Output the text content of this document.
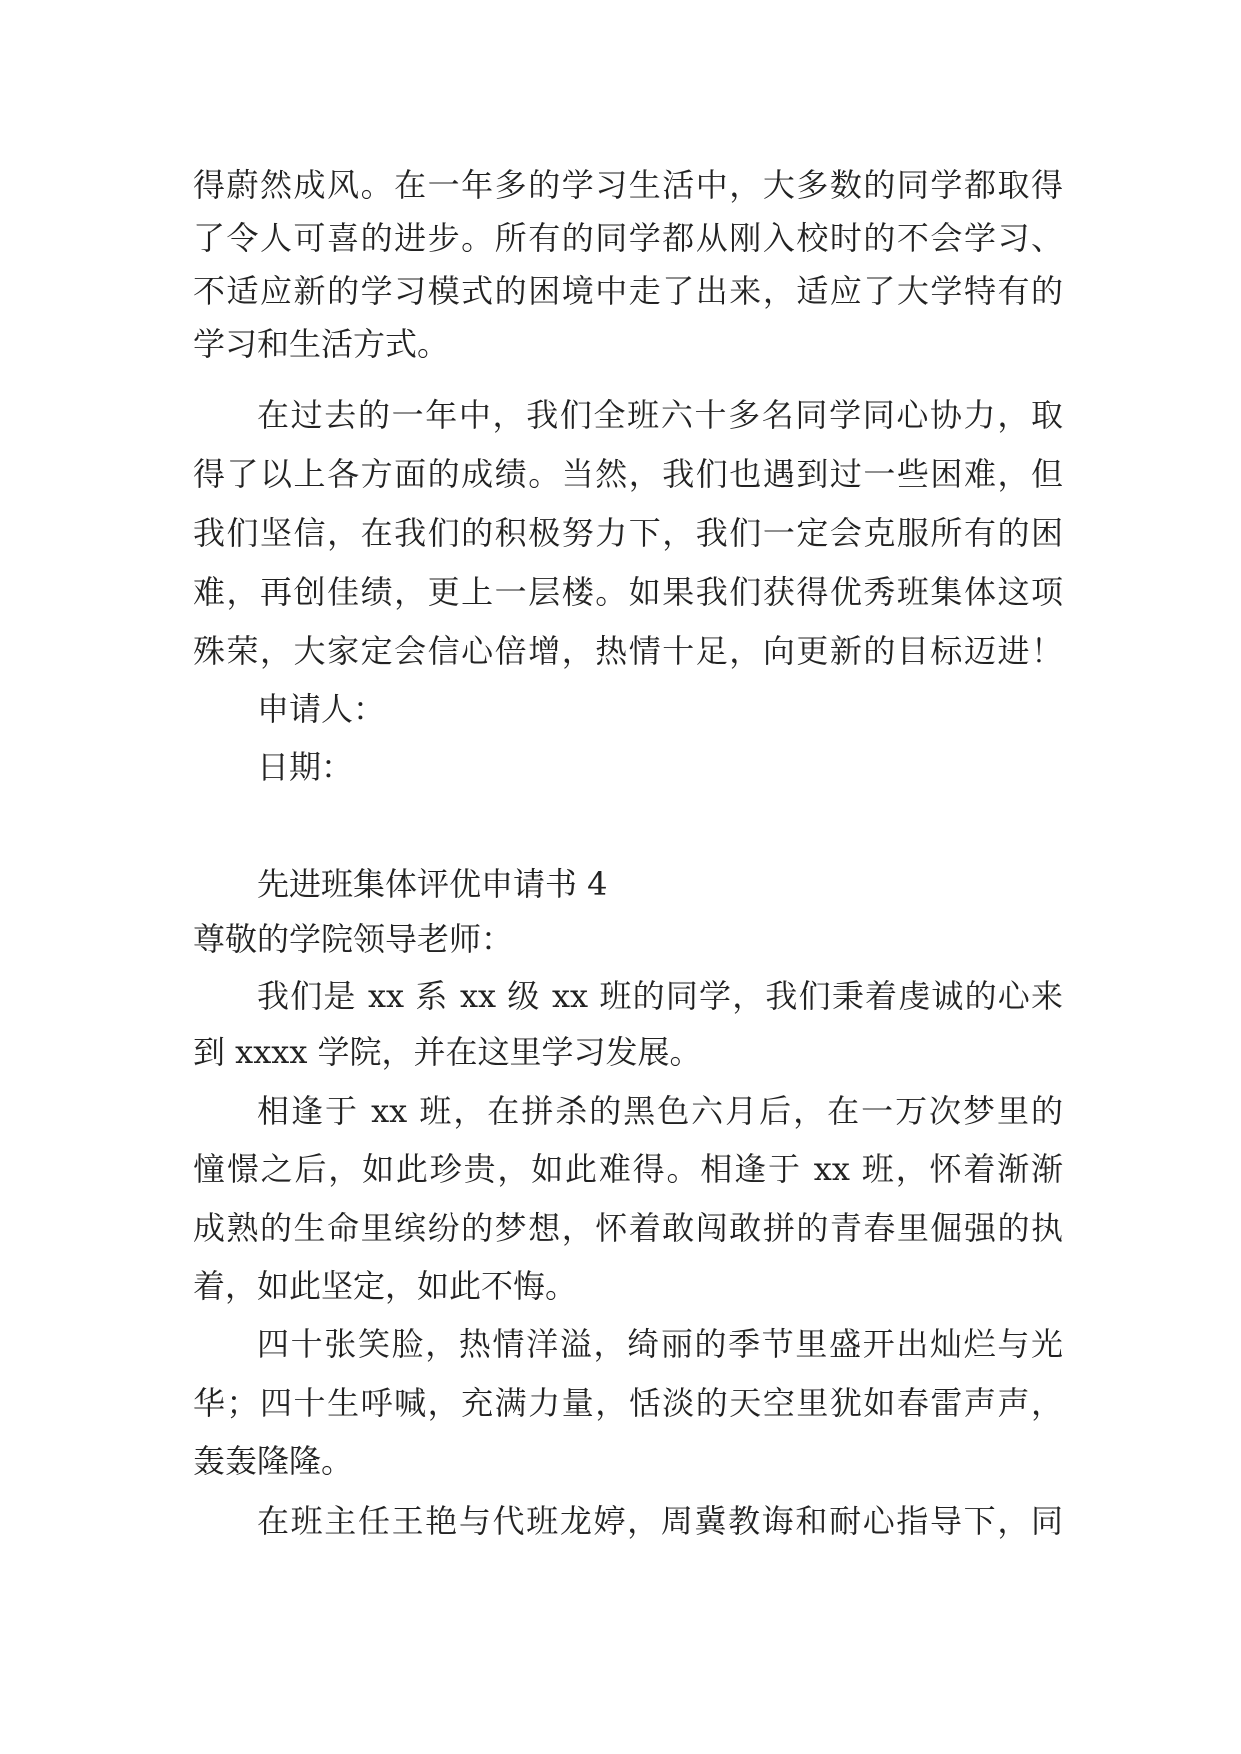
得蔚然成风。在一年多的学习生活中，大多数的同学都取得
了令人可喜的进步。所有的同学都从刚入校时的不会学习、
不适应新的学习模式的困境中走了出来，适应了大学特有的
学习和生活方式。
在过去的一年中，我们全班六十多名同学同心协力，取
得了以上各方面的成绩。当然，我们也遇到过一些困难，但
我们坚信，在我们的积极努力下，我们一定会克服所有的困
难，再创佳绩，更上一层楼。如果我们获得优秀班集体这项
殊荣，大家定会信心倍增，热情十足，向更新的目标迈进！
申请人：
日期：
先进班集体评优申请书 4
尊敬的学院领导老师：
我们是 xx 系 xx 级 xx 班的同学，我们秉着虔诚的心来
到 xxxx 学院，并在这里学习发展。
相逢于 xx 班，在拼杀的黑色六月后，在一万次梦里的
憧憬之后，如此珍贵，如此难得。相逢于 xx 班，怀着渐渐
成熟的生命里缤纷的梦想，怀着敢闯敢拼的青春里倔强的执
着，如此坚定，如此不悔。
四十张笑脸，热情洋溢，绮丽的季节里盛开出灿烂与光
华；四十生呼喊，充满力量，恬淡的天空里犹如春雷声声，
轰轰隆隆。
在班主任王艳与代班龙婷，周冀教诲和耐心指导下，同
